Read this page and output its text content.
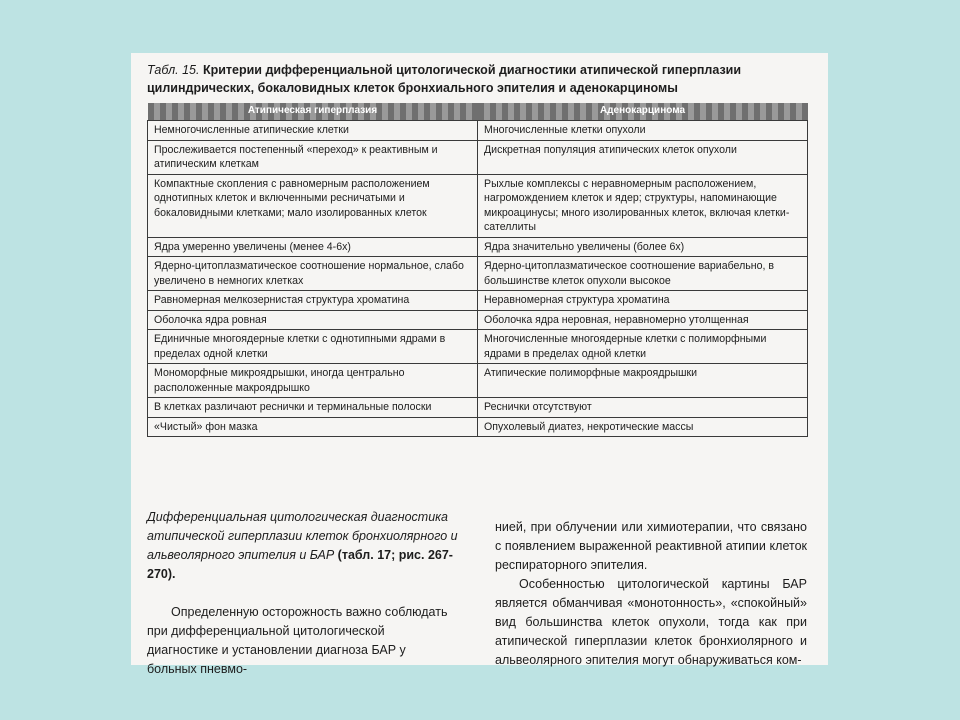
Табл. 15. Критерии дифференциальной цитологической диагностики атипической гиперплазии цилиндрических, бокаловидных клеток бронхиального эпителия и аденокарциномы
Атипическая гиперплазия	Аденокарцинома
Немногочисленные атипические клетки	Многочисленные клетки опухоли
Прослеживается постепенный «переход» к реактивным и атипическим клеткам	Дискретная популяция атипических клеток опухоли
Компактные скопления с равномерным расположением однотипных клеток и включенными ресничатыми и бокаловидными клетками; мало изолированных клеток	Рыхлые комплексы с неравномерным расположением, нагромождением клеток и ядер; структуры, напоминающие микроацинусы; много изолированных клеток, включая клетки-сателлиты
Ядра умеренно увеличены (менее 4-6х)	Ядра значительно увеличены (более 6х)
Ядерно-цитоплазматическое соотношение нормальное, слабо увеличено в немногих клетках	Ядерно-цитоплазматическое соотношение вариабельно, в большинстве клеток опухоли высокое
Равномерная мелкозернистая структура хроматина	Неравномерная структура хроматина
Оболочка ядра ровная	Оболочка ядра неровная, неравномерно утолщенная
Единичные многоядерные клетки с однотипными ядрами в пределах одной клетки	Многочисленные многоядерные клетки с полиморфными ядрами в пределах одной клетки
Мономорфные микроядрышки, иногда центрально расположенные макроядрышко	Атипические полиморфные макроядрышки
В клетках различают реснички и терминальные полоски	Реснички отсутствуют
«Чистый» фон мазка	Опухолевый диатез, некротические массы

Дифференциальная цитологическая диагностика атипической гиперплазии клеток бронхиолярного и альвеолярного эпителия и БАР (табл. 17; рис. 267-270).

Определенную осторожность важно соблюдать при дифференциальной цитологической диагностике и установлении диагноза БАР у больных пневмо-

нией, при облучении или химиотерапии, что связано с появлением выраженной реактивной атипии клеток респираторного эпителия.

Особенностью цитологической картины БАР является обманчивая «монотонность», «спокойный» вид большинства клеток опухоли, тогда как при атипической гиперплазии клеток бронхиолярного и альвеолярного эпителия могут обнаруживаться ком-
